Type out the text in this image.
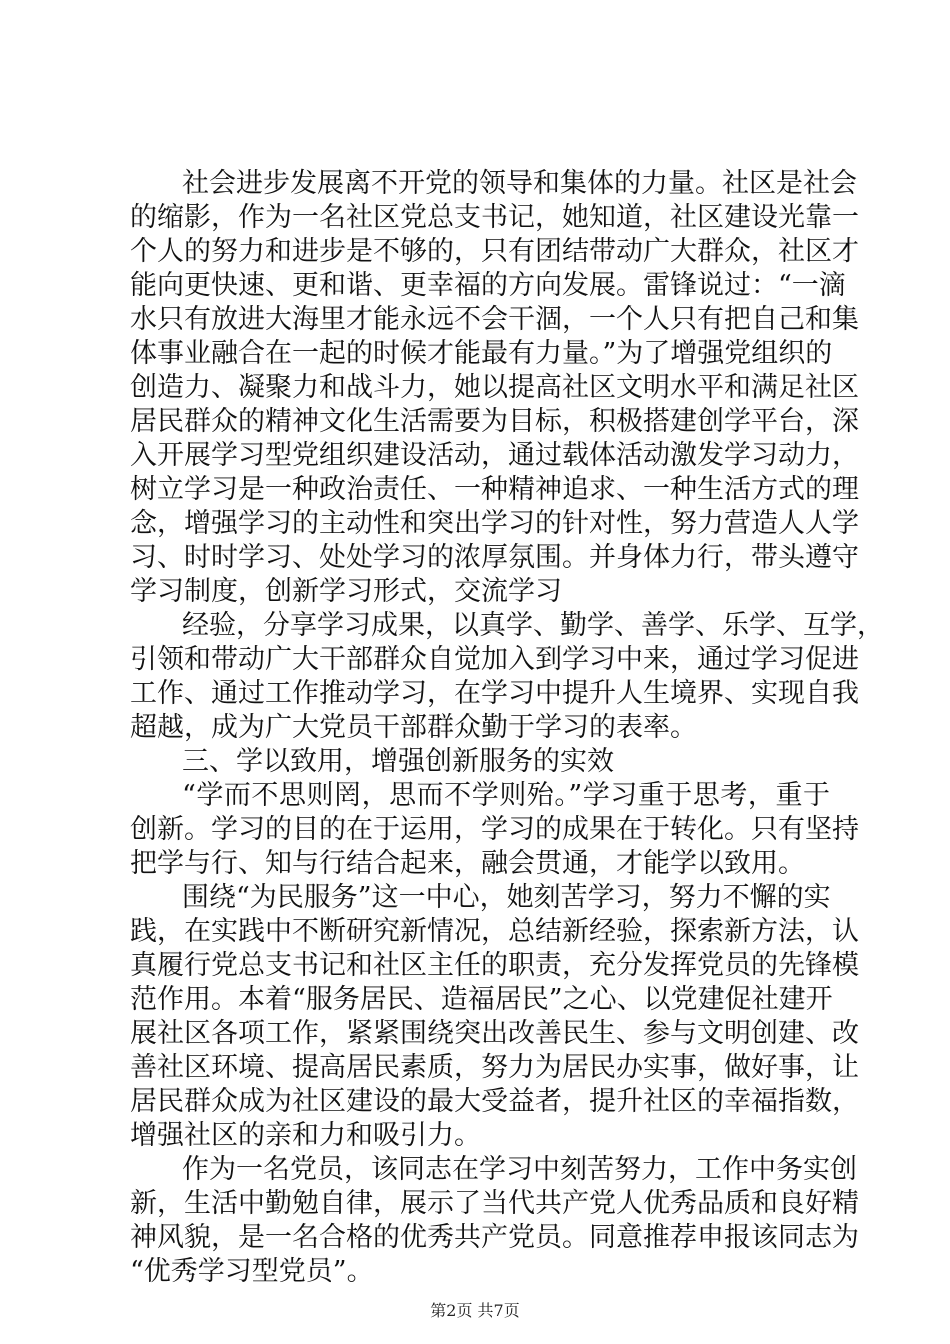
社会进步发展离不开党的领导和集体的力量。社区是社会
的缩影，作为一名社区党总支书记，她知道，社区建设光靠一
个人的努力和进步是不够的，只有团结带动广大群众，社区才
能向更快速、更和谐、更幸福的方向发展。雷锋说过：“一滴
水只有放进大海里才能永远不会干涸，一个人只有把自己和集
体事业融合在一起的时候才能最有力量。”为了增强党组织的
创造力、凝聚力和战斗力，她以提高社区文明水平和满足社区
居民群众的精神文化生活需要为目标，积极搭建创学平台，深
入开展学习型党组织建设活动，通过载体活动激发学习动力，
树立学习是一种政治责任、一种精神追求、一种生活方式的理
念，增强学习的主动性和突出学习的针对性，努力营造人人学
习、时时学习、处处学习的浓厚氛围。并身体力行，带头遵守
学习制度，创新学习形式，交流学习
经验，分享学习成果，以真学、勤学、善学、乐学、互学，
引领和带动广大干部群众自觉加入到学习中来，通过学习促进
工作、通过工作推动学习，在学习中提升人生境界、实现自我
超越，成为广大党员干部群众勤于学习的表率。
三、学以致用，增强创新服务的实效
“学而不思则罔，思而不学则殆。”学习重于思考，重于
创新。学习的目的在于运用，学习的成果在于转化。只有坚持
把学与行、知与行结合起来，融会贯通，才能学以致用。
围绕“为民服务”这一中心，她刻苦学习，努力不懈的实
践，在实践中不断研究新情况，总结新经验，探索新方法，认
真履行党总支书记和社区主任的职责，充分发挥党员的先锋模
范作用。本着“服务居民、造福居民”之心、以党建促社建开
展社区各项工作，紧紧围绕突出改善民生、参与文明创建、改
善社区环境、提高居民素质，努力为居民办实事，做好事，让
居民群众成为社区建设的最大受益者，提升社区的幸福指数，
增强社区的亲和力和吸引力。
作为一名党员，该同志在学习中刻苦努力，工作中务实创
新，生活中勤勉自律，展示了当代共产党人优秀品质和良好精
神风貌，是一名合格的优秀共产党员。同意推荐申报该同志为
“优秀学习型党员”。
第2页 共7页
